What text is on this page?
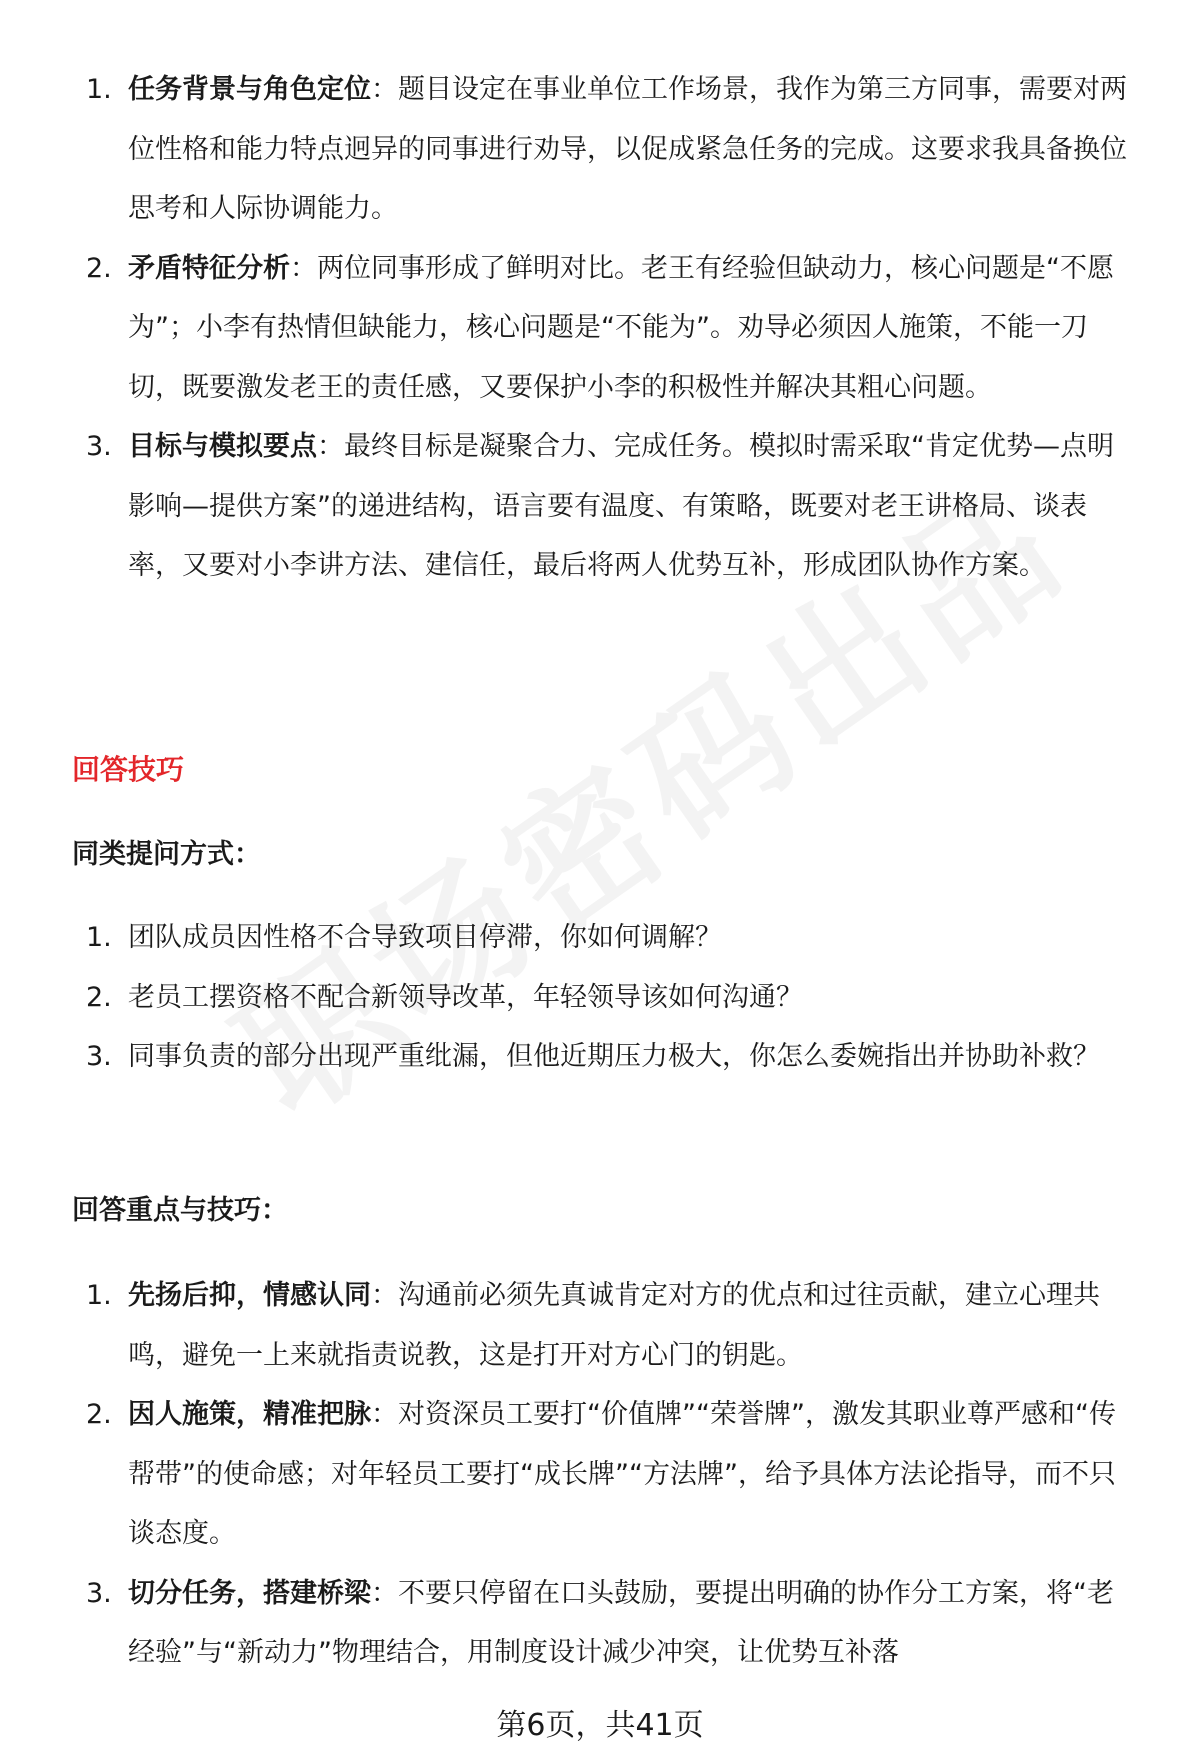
1. 任务背景与角色定位：题目设定在事业单位工作场景，我作为第三方同事，需要对两位性格和能力特点迥异的同事进行劝导，以促成紧急任务的完成。这要求我具备换位思考和人际协调能力。
2. 矛盾特征分析：两位同事形成了鲜明对比。老王有经验但缺动力，核心问题是“不愿为”；小李有热情但缺能力，核心问题是“不能为”。劝导必须因人施策，不能一刀切，既要激发老王的责任感，又要保护小李的积极性并解决其粗心问题。
3. 目标与模拟要点：最终目标是凝聚合力、完成任务。模拟时需采取“肯定优势—点明影响—提供方案”的递进结构，语言要有温度、有策略，既要对老王讲格局、谈表率，又要对小李讲方法、建信任，最后将两人优势互补，形成团队协作方案。
回答技巧
同类提问方式：
1. 团队成员因性格不合导致项目停滞，你如何调解？
2. 老员工摆资格不配合新领导改革，年轻领导该如何沟通？
3. 同事负责的部分出现严重纰漏，但他近期压力极大，你怎么委婉指出并协助补救？
回答重点与技巧：
1. 先扬后抑，情感认同：沟通前必须先真诚肯定对方的优点和过往贡献，建立心理共鸣，避免一上来就指责说教，这是打开对方心门的钥匙。
2. 因人施策，精准把脉：对资深员工要打“价值牌”“荣誉牌”，激发其职业尊严感和“传帮带”的使命感；对年轻员工要打“成长牌”“方法牌”，给予具体方法论指导，而不只谈态度。
3. 切分任务，搭建桥梁：不要只停留在口头鼓励，要提出明确的协作分工方案，将“老经验”与“新动力”物理结合，用制度设计减少冲突，让优势互补落
第6页，共41页
